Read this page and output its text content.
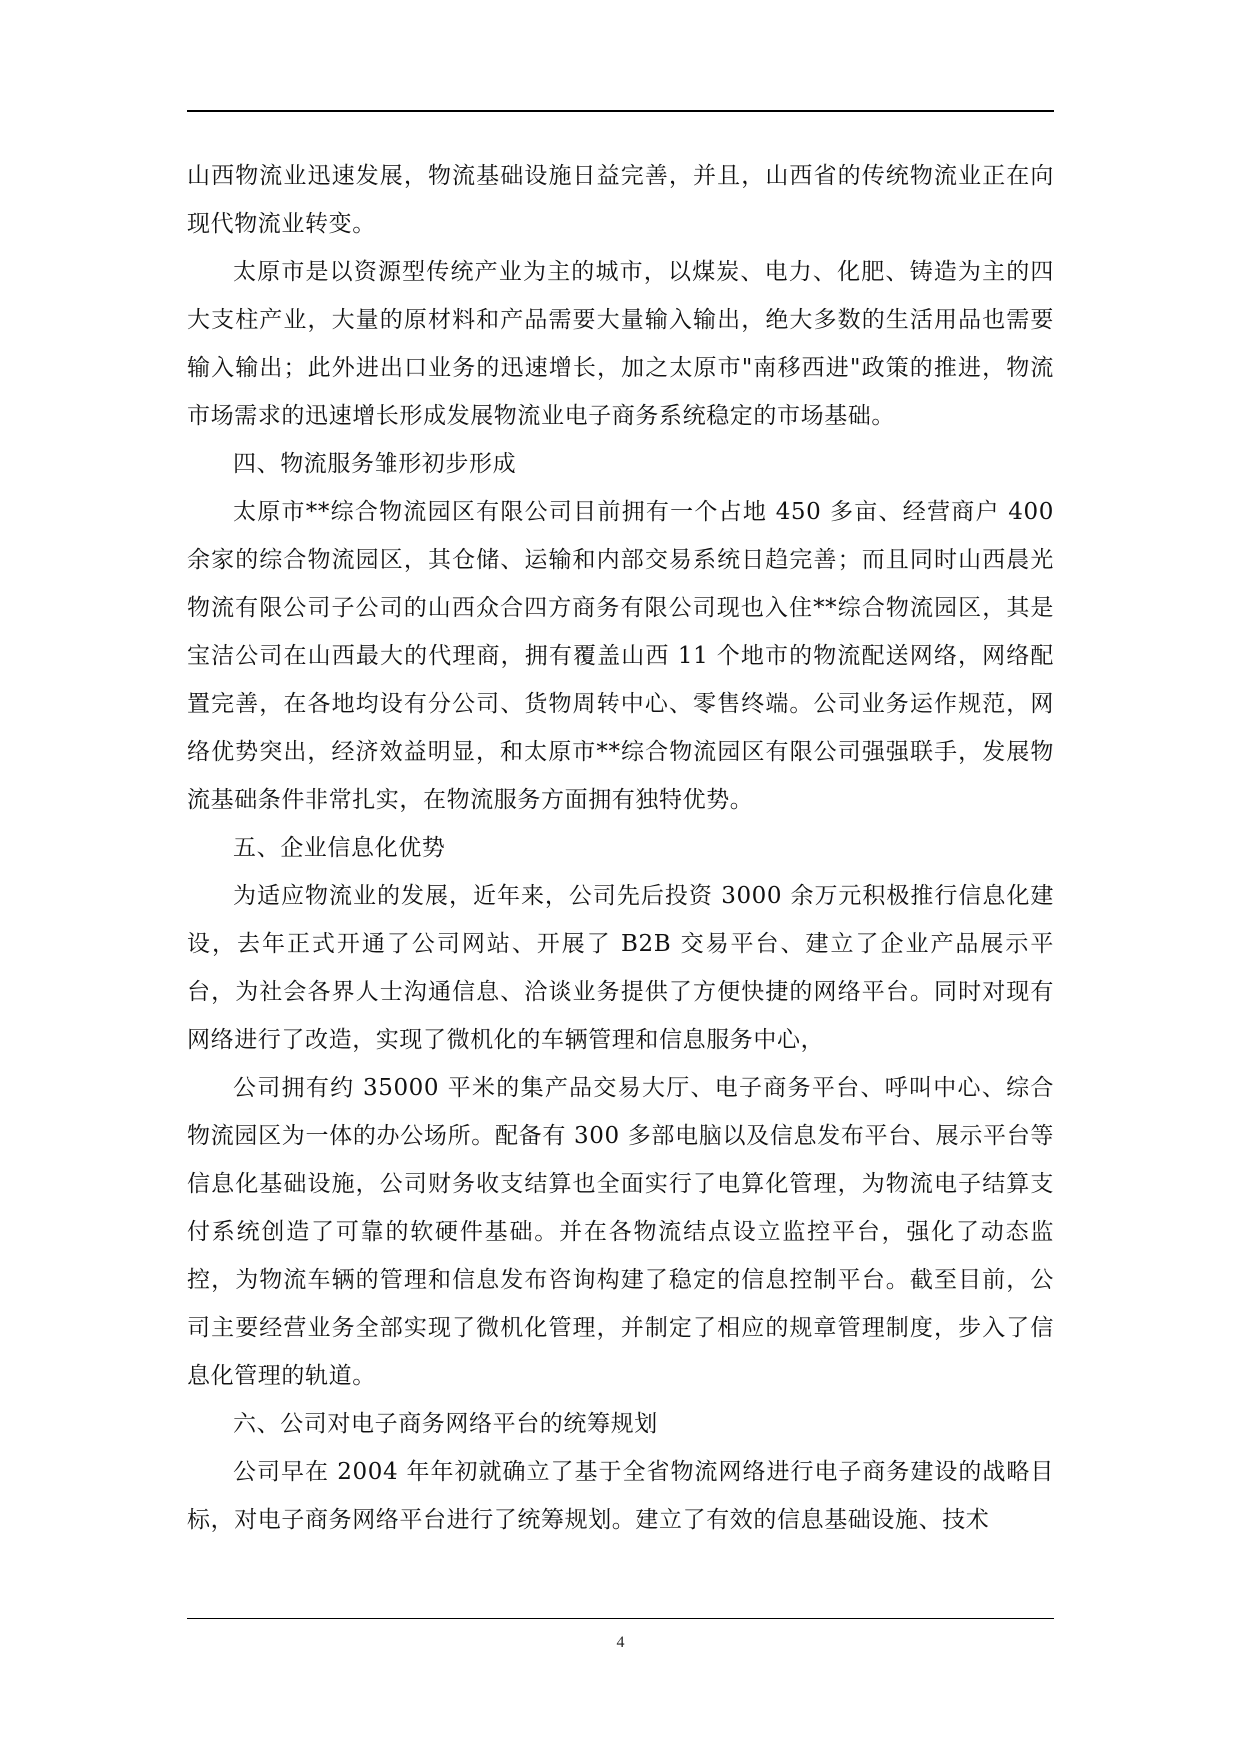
山西物流业迅速发展，物流基础设施日益完善，并且，山西省的传统物流业正在向现代物流业转变。

太原市是以资源型传统产业为主的城市，以煤炭、电力、化肥、铸造为主的四大支柱产业，大量的原材料和产品需要大量输入输出，绝大多数的生活用品也需要输入输出；此外进出口业务的迅速增长，加之太原市"南移西进"政策的推进，物流市场需求的迅速增长形成发展物流业电子商务系统稳定的市场基础。

四、物流服务雏形初步形成

太原市**综合物流园区有限公司目前拥有一个占地 450 多亩、经营商户 400 余家的综合物流园区，其仓储、运输和内部交易系统日趋完善；而且同时山西晨光物流有限公司子公司的山西众合四方商务有限公司现也入住**综合物流园区，其是宝洁公司在山西最大的代理商，拥有覆盖山西 11 个地市的物流配送网络，网络配置完善，在各地均设有分公司、货物周转中心、零售终端。公司业务运作规范，网络优势突出，经济效益明显，和太原市**综合物流园区有限公司强强联手，发展物流基础条件非常扎实，在物流服务方面拥有独特优势。

五、企业信息化优势

为适应物流业的发展，近年来，公司先后投资 3000 余万元积极推行信息化建设，去年正式开通了公司网站、开展了 B2B 交易平台、建立了企业产品展示平台，为社会各界人士沟通信息、洽谈业务提供了方便快捷的网络平台。同时对现有网络进行了改造，实现了微机化的车辆管理和信息服务中心，

公司拥有约 35000 平米的集产品交易大厅、电子商务平台、呼叫中心、综合物流园区为一体的办公场所。配备有 300 多部电脑以及信息发布平台、展示平台等信息化基础设施，公司财务收支结算也全面实行了电算化管理，为物流电子结算支付系统创造了可靠的软硬件基础。并在各物流结点设立监控平台，强化了动态监控，为物流车辆的管理和信息发布咨询构建了稳定的信息控制平台。截至目前，公司主要经营业务全部实现了微机化管理，并制定了相应的规章管理制度，步入了信息化管理的轨道。

六、公司对电子商务网络平台的统筹规划

公司早在 2004 年年初就确立了基于全省物流网络进行电子商务建设的战略目标，对电子商务网络平台进行了统筹规划。建立了有效的信息基础设施、技术

4
